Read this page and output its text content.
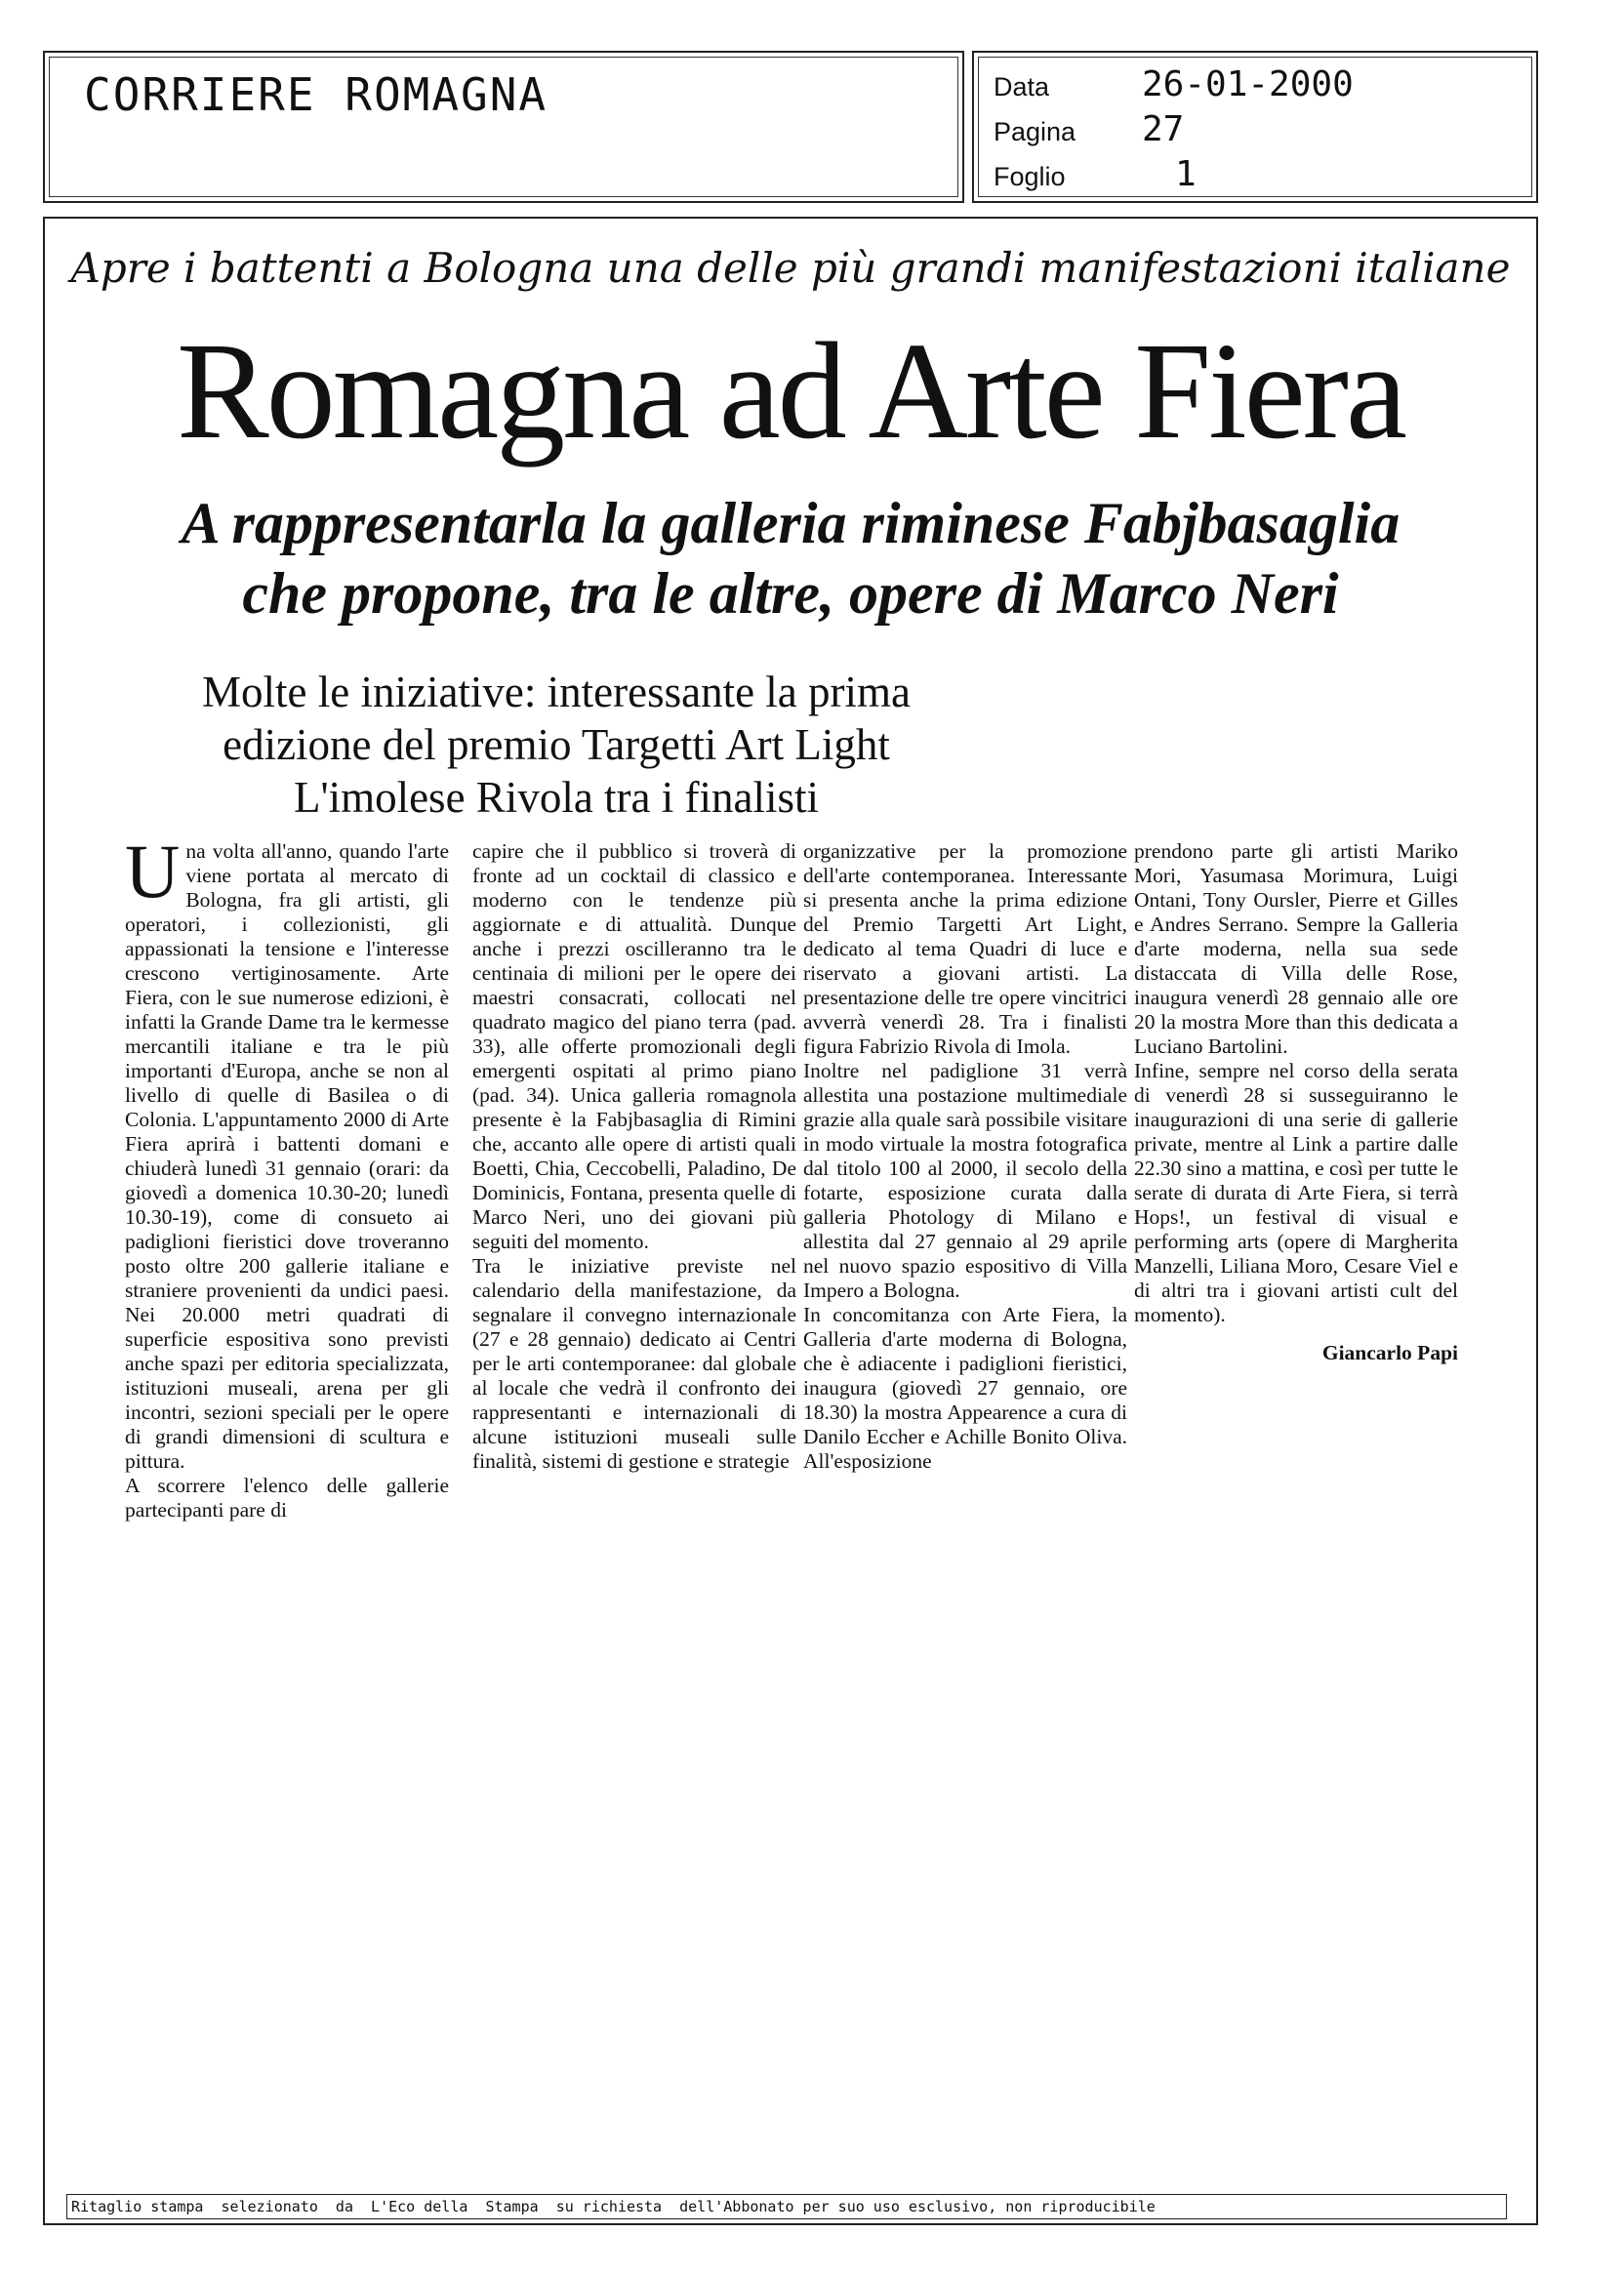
CORRIERE ROMAGNA	Data	26-01-2000
Pagina 27
Foglio	1
Apre i battenti a Bologna una delle più grandi manifestazioni italiane
Romagna ad Arte Fiera
A rappresentarla la galleria riminese Fabjbasaglia
che propone, tra le altre, opere di Marco Neri
Molte le iniziative: interessante la prima
edizione del premio Targetti Art Light
L'imolese Rivola tra i finalisti

Una volta all'anno, quando l'arte viene portata al mercato di Bologna, fra gli artisti, gli operatori, i collezionisti, gli appassionati la tensione e l'interesse crescono vertiginosamente. Arte Fiera, con le sue numerose edizioni, è infatti la Grande Dame tra le kermesse mercantili italiane e tra le più importanti d'Europa, anche se non al livello di quelle di Basilea o di Colonia. L'appuntamento 2000 di Arte Fiera aprirà i battenti domani e chiuderà lunedì 31 gennaio (orari: da giovedì a domenica 10.30-20; lunedì 10.30-19), come di consueto ai padiglioni fieristici dove troveranno posto oltre 200 gallerie italiane e straniere provenienti da undici paesi. Nei 20.000 metri quadrati di superficie espositiva sono previsti anche spazi per editoria specializzata, istituzioni museali, arena per gli incontri, sezioni speciali per le opere di grandi dimensioni di scultura e pittura.

A scorrere l'elenco delle gallerie partecipanti pare di

capire che il pubblico si troverà di fronte ad un cocktail di classico e moderno con le tendenze più aggiornate e di attualità. Dunque anche i prezzi oscilleranno tra le centinaia di milioni per le opere dei maestri consacrati, collocati nel quadrato magico del piano terra (pad. 33), alle offerte promozionali degli emergenti ospitati al primo piano (pad. 34). Unica galleria romagnola presente è la Fabjbasaglia di Rimini che, accanto alle opere di artisti quali Boetti, Chia, Ceccobelli, Paladino, De Dominicis, Fontana, presenta quelle di Marco Neri, uno dei giovani più seguiti del momento.

Tra le iniziative previste nel calendario della manifestazione, da segnalare il convegno internazionale (27 e 28 gennaio) dedicato ai Centri per le arti contemporanee: dal globale al locale che vedrà il confronto dei rappresentanti e internazionali di alcune istituzioni museali sulle finalità, sistemi di gestione e strategie

organizzative per la promozione dell'arte contemporanea. Interessante si presenta anche la prima edizione del Premio Targetti Art Light, dedicato al tema Quadri di luce e riservato a giovani artisti. La presentazione delle tre opere vincitrici avverrà venerdì 28. Tra i finalisti figura Fabrizio Rivola di Imola.

Inoltre nel padiglione 31 verrà allestita una postazione multimediale grazie alla quale sarà possibile visitare in modo virtuale la mostra fotografica dal titolo 100 al 2000, il secolo della fotarte, esposizione curata dalla galleria Photology di Milano e allestita dal 27 gennaio al 29 aprile nel nuovo spazio espositivo di Villa Impero a Bologna.

In concomitanza con Arte Fiera, la Galleria d'arte moderna di Bologna, che è adiacente i padiglioni fieristici, inaugura (giovedì 27 gennaio, ore 18.30) la mostra Appearence a cura di Danilo Eccher e Achille Bonito Oliva. All'esposizione

prendono parte gli artisti Mariko Mori, Yasumasa Morimura, Luigi Ontani, Tony Oursler, Pierre et Gilles e Andres Serrano. Sempre la Galleria d'arte moderna, nella sua sede distaccata di Villa delle Rose, inaugura venerdì 28 gennaio alle ore 20 la mostra More than this dedicata a Luciano Bartolini.

Infine, sempre nel corso della serata di venerdì 28 si susseguiranno le inaugurazioni di una serie di gallerie private, mentre al Link a partire dalle 22.30 sino a mattina, e così per tutte le serate di durata di Arte Fiera, si terrà Hops!, un festival di visual e performing arts (opere di Margherita Manzelli, Liliana Moro, Cesare Viel e di altri tra i giovani artisti cult del momento).

Giancarlo Papi

Ritaglio stampa  selezionato  da  L'Eco della  Stampa  su richiesta  dell'Abbonato per suo uso esclusivo, non riproducibile
